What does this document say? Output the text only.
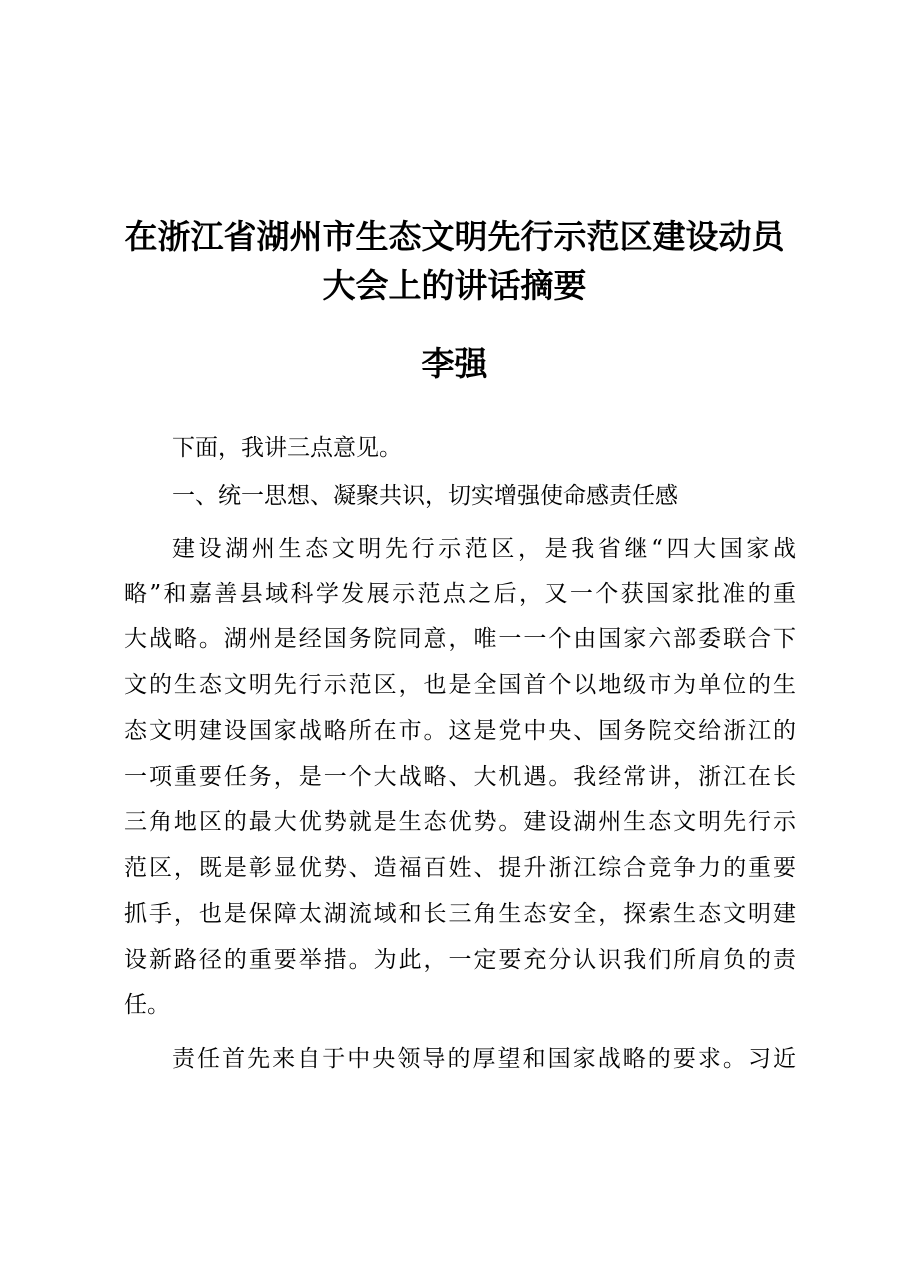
在浙江省湖州市生态文明先行示范区建设动员
大会上的讲话摘要
李强
下面，我讲三点意见。
一、统一思想、凝聚共识，切实增强使命感责任感
建设湖州生态文明先行示范区，是我省继“四大国家战
略”和嘉善县域科学发展示范点之后，又一个获国家批准的重
大战略。湖州是经国务院同意，唯一一个由国家六部委联合下
文的生态文明先行示范区，也是全国首个以地级市为单位的生
态文明建设国家战略所在市。这是党中央、国务院交给浙江的
一项重要任务，是一个大战略、大机遇。我经常讲，浙江在长
三角地区的最大优势就是生态优势。建设湖州生态文明先行示
范区，既是彰显优势、造福百姓、提升浙江综合竞争力的重要
抓手，也是保障太湖流域和长三角生态安全，探索生态文明建
设新路径的重要举措。为此，一定要充分认识我们所肩负的责
任。
责任首先来自于中央领导的厚望和国家战略的要求。习近
